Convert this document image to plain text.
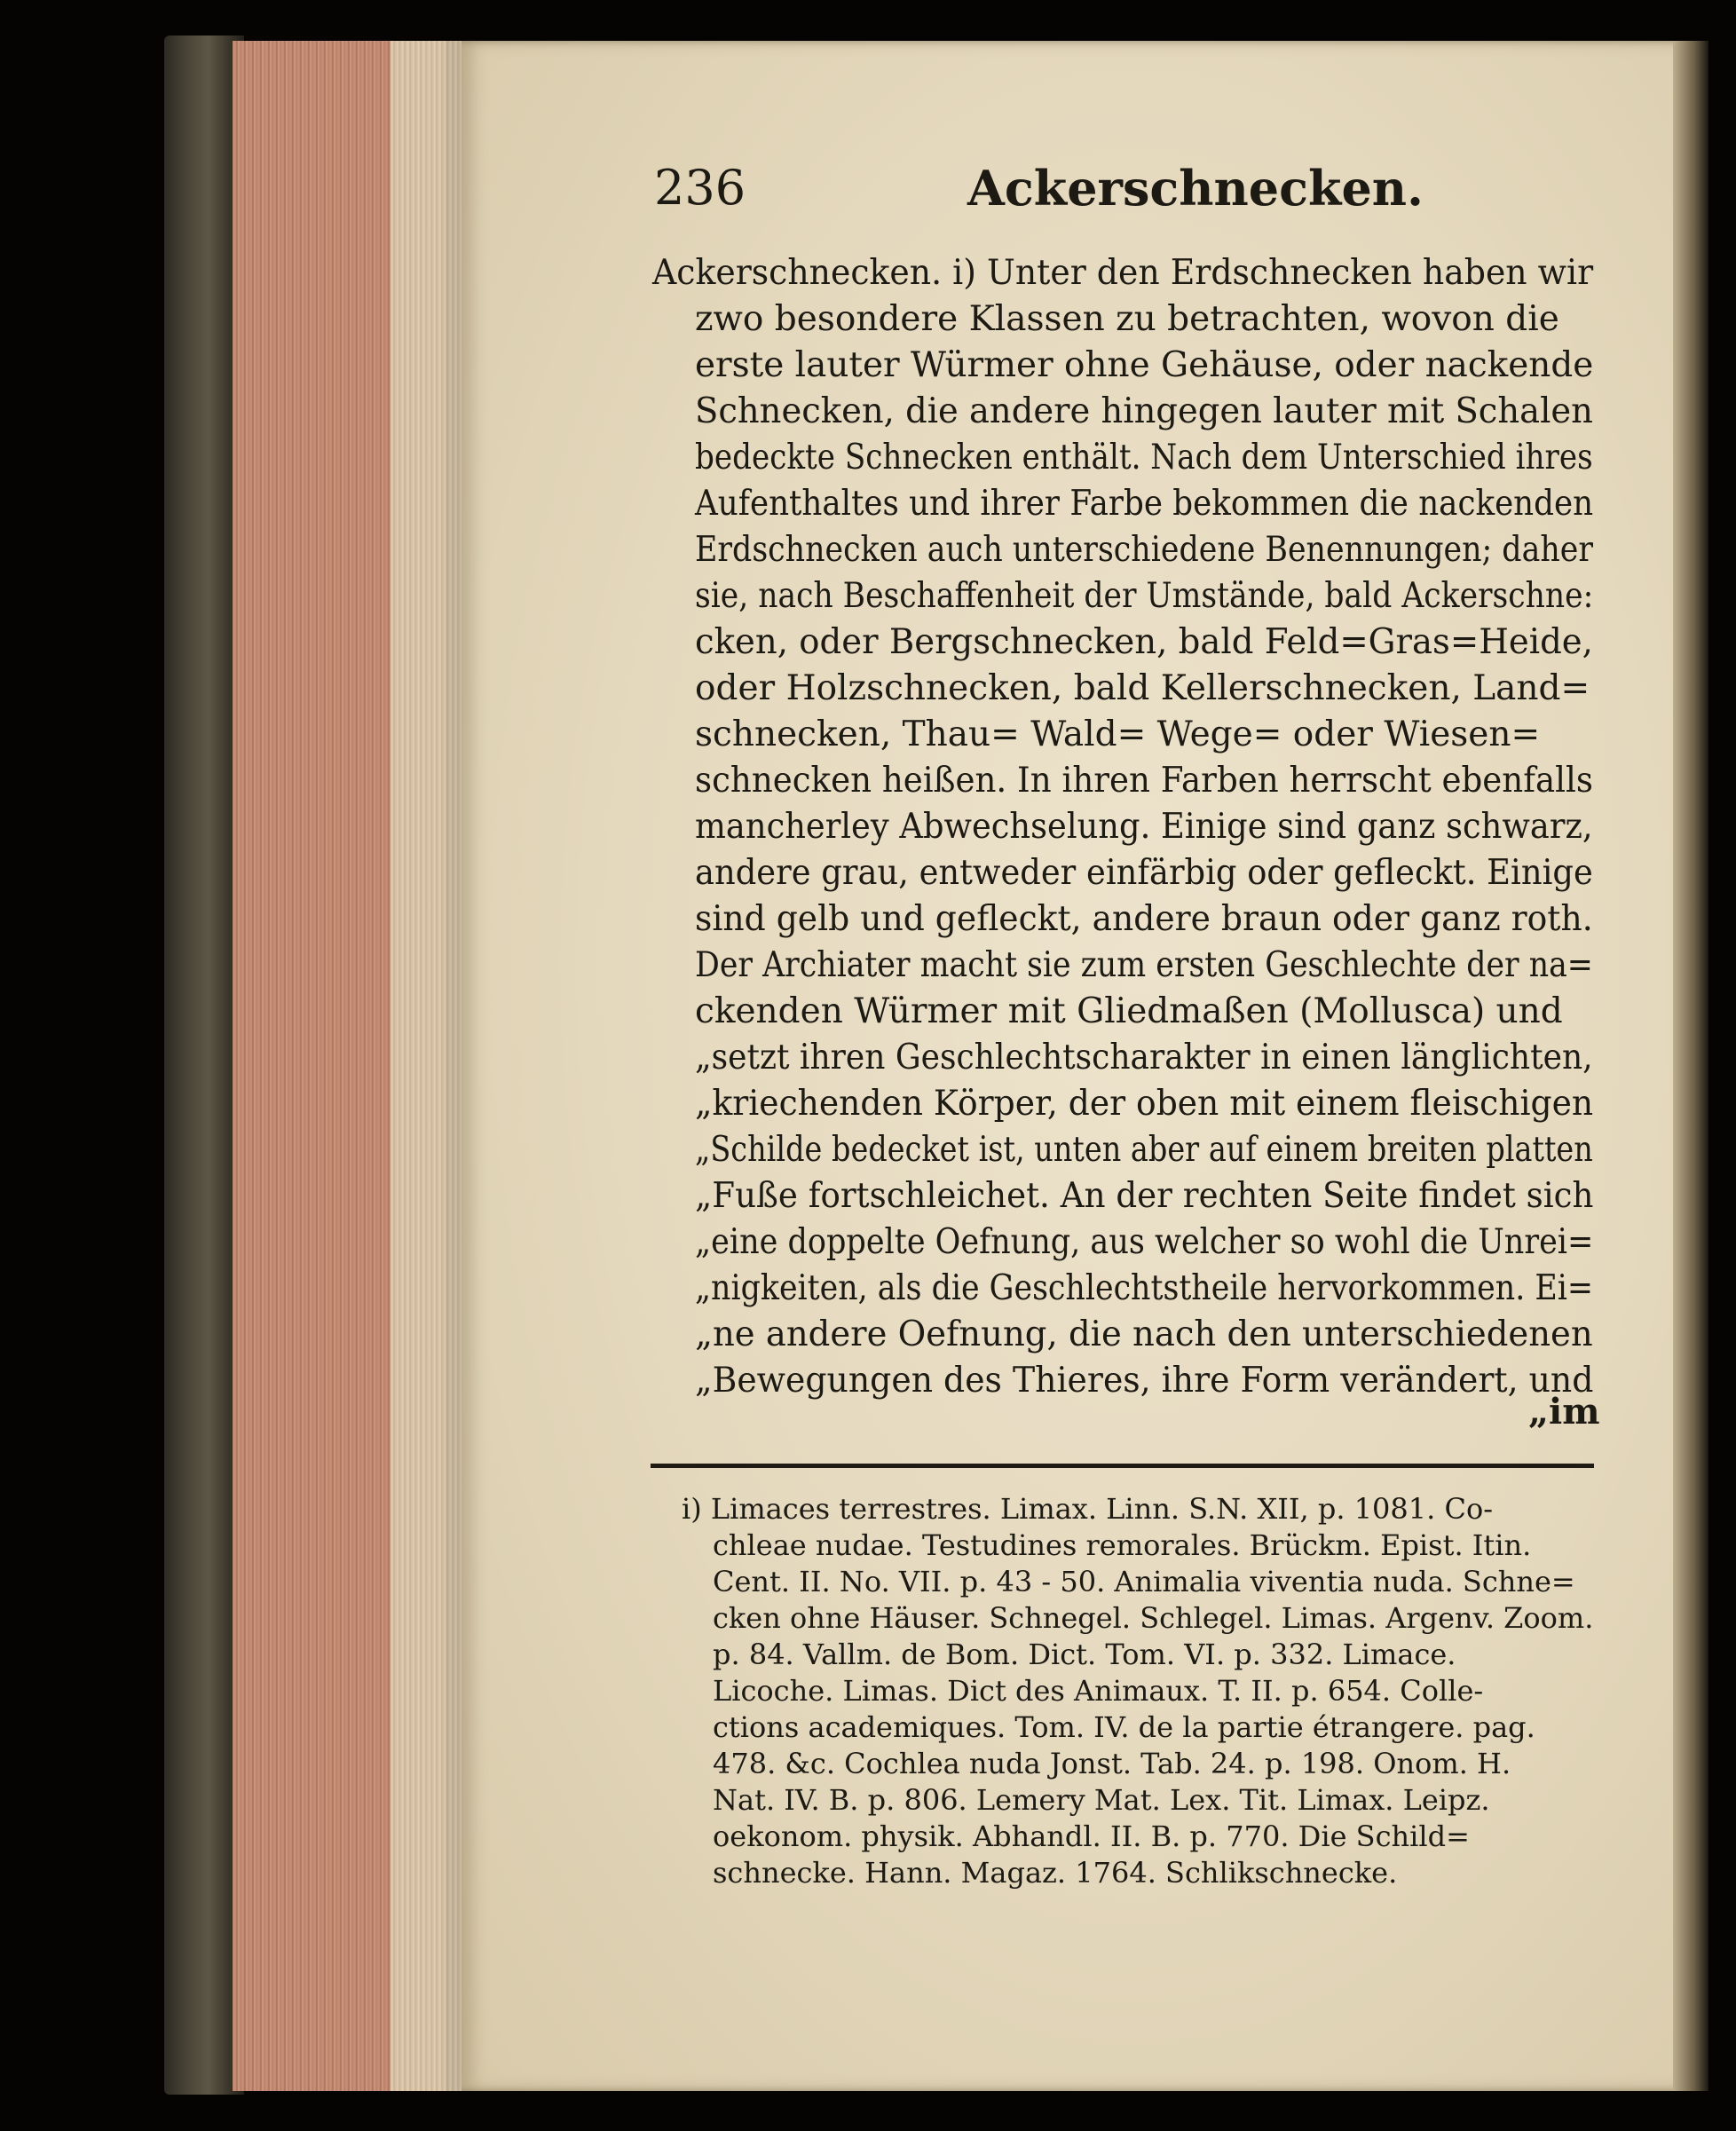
236	Ackerschnecken.
Ackerschnecken. i) Unter den Erdschnecken haben wir
zwo besondere Klassen zu betrachten, wovon die
erste lauter Würmer ohne Gehäuse, oder nackende
Schnecken, die andere hingegen lauter mit Schalen
bedeckte Schnecken enthält. Nach dem Unterschied ihres
Aufenthaltes und ihrer Farbe bekommen die nackenden
Erdschnecken auch unterschiedene Benennungen; daher
sie, nach Beschaffenheit der Umstände, bald Ackerschne:
cken, oder Bergschnecken, bald Feld=Gras=Heide,
oder Holzschnecken, bald Kellerschnecken, Land=
schnecken, Thau= Wald= Wege= oder Wiesen=
schnecken heißen. In ihren Farben herrscht ebenfalls
mancherley Abwechselung. Einige sind ganz schwarz,
andere grau, entweder einfärbig oder gefleckt. Einige
sind gelb und gefleckt, andere braun oder ganz roth.
Der Archiater macht sie zum ersten Geschlechte der na=
ckenden Würmer mit Gliedmaßen (Mollusca) und
„setzt ihren Geschlechtscharakter in einen länglichten,
„kriechenden Körper, der oben mit einem fleischigen
„Schilde bedecket ist, unten aber auf einem breiten platten
„Fuße fortschleichet. An der rechten Seite findet sich
„eine doppelte Oefnung, aus welcher so wohl die Unrei=
„nigkeiten, als die Geschlechtstheile hervorkommen. Ei=
„ne andere Oefnung, die nach den unterschiedenen
„Bewegungen des Thieres, ihre Form verändert, und
„im
i) Limaces terrestres. Limax. Linn. S.N. XII, p. 1081. Co-
chleae nudae. Testudines remorales. Brückm. Epist. Itin.
Cent. II. No. VII. p. 43 - 50. Animalia viventia nuda. Schne=
cken ohne Häuser. Schnegel. Schlegel. Limas. Argenv. Zoom.
p. 84. Vallm. de Bom. Dict. Tom. VI. p. 332. Limace.
Licoche. Limas. Dict des Animaux. T. II. p. 654. Colle-
ctions academiques. Tom. IV. de la partie étrangere. pag.
478. &c. Cochlea nuda Jonst. Tab. 24. p. 198. Onom. H.
Nat. IV. B. p. 806. Lemery Mat. Lex. Tit. Limax. Leipz.
oekonom. physik. Abhandl. II. B. p. 770. Die Schild=
schnecke. Hann. Magaz. 1764. Schlikschnecke.
